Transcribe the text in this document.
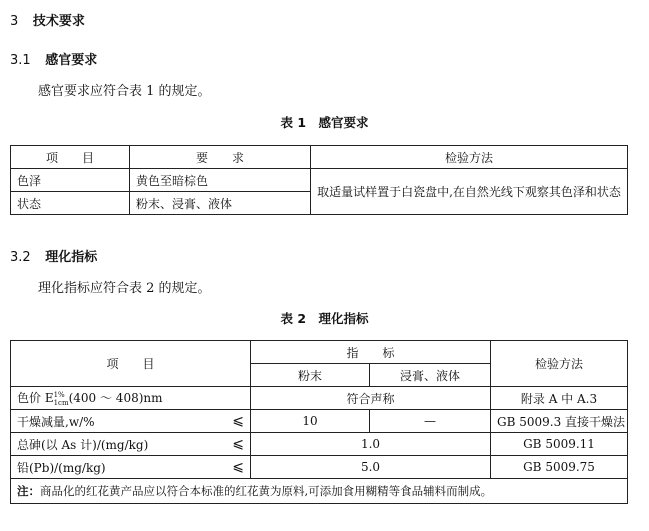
3 技术要求
3.1 感官要求
感官要求应符合表 1 的规定。
表 1　感官要求
项　　目	要　　求	检验方法
色泽	黄色至暗棕色	取适量试样置于白瓷盘中,在自然光线下观察其色泽和状态
状态	粉末、浸膏、液体	
3.2 理化指标
理化指标应符合表 2 的规定。
表 2　理化指标
项　　目	指　　标		检验方法
	粉末	浸膏、液体	
色价 E 1%
1cm (400 ～ 408)nm	符合声称		附录 A 中 A.3
干燥减量,w/% ⩽	10	—	GB 5009.3 直接干燥法
总砷(以 As 计)/(mg/kg) ⩽	1.0		GB 5009.11
铅(Pb)/(mg/kg) ⩽	5.0		GB 5009.75
注：商品化的红花黄产品应以符合本标准的红花黄为原料,可添加食用糊精等食品辅料而制成。			
